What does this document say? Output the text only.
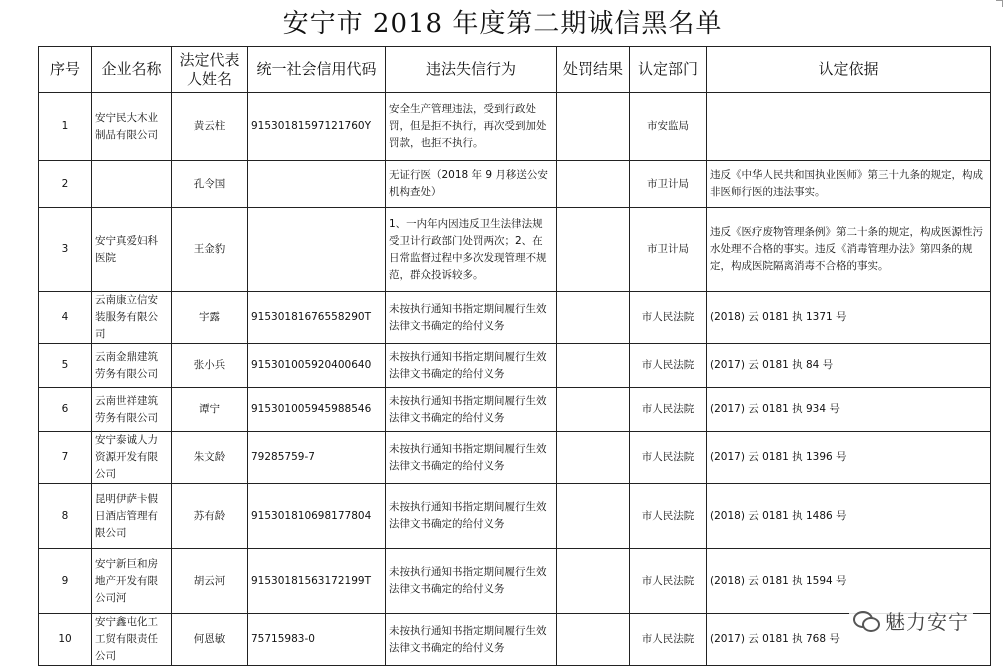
安宁市 2018 年度第二期诚信黑名单
序号	企业名称	法定代表人姓名	统一社会信用代码	违法失信行为	处罚结果	认定部门	认定依据
1	安宁民大木业制品有限公司	黄云柱	91530181597121760Y	安全生产管理违法，受到行政处罚，但是拒不执行，再次受到加处罚款，也拒不执行。		市安监局	
2		孔令国		无证行医（2018 年 9 月移送公安机构查处）		市卫计局	违反《中华人民共和国执业医师》第三十九条的规定，构成非医师行医的违法事实。
3	安宁真爱妇科医院	王金豹		1、一内年内因违反卫生法律法规受卫计行政部门处罚两次；2、在日常监督过程中多次发现管理不规范，群众投诉较多。		市卫计局	违反《医疗废物管理条例》第二十条的规定，构成医源性污水处理不合格的事实。违反《消毒管理办法》第四条的规定，构成医院隔离消毒不合格的事实。
4	云南康立信安装服务有限公司	宇露	91530181676558290T	未按执行通知书指定期间履行生效法律文书确定的给付义务		市人民法院	(2018) 云 0181 执 1371 号
5	云南金鼎建筑劳务有限公司	张小兵	915301005920400640	未按执行通知书指定期间履行生效法律文书确定的给付义务		市人民法院	(2017) 云 0181 执 84 号
6	云南世祥建筑劳务有限公司	谭宁	915301005945988546	未按执行通知书指定期间履行生效法律文书确定的给付义务		市人民法院	(2017) 云 0181 执 934 号
7	安宁泰诚人力资源开发有限公司	朱文龄	79285759-7	未按执行通知书指定期间履行生效法律文书确定的给付义务		市人民法院	(2017) 云 0181 执 1396 号
8	昆明伊萨卡假日酒店管理有限公司	苏有龄	915301810698177804	未按执行通知书指定期间履行生效法律文书确定的给付义务		市人民法院	(2018) 云 0181 执 1486 号
9	安宁新巨和房地产开发有限公司河	胡云河	91530181563172199T	未按执行通知书指定期间履行生效法律文书确定的给付义务		市人民法院	(2018) 云 0181 执 1594 号
10	安宁鑫屯化工工贸有限责任公司	何恩敏	75715983-0	未按执行通知书指定期间履行生效法律文书确定的给付义务		市人民法院	(2017) 云 0181 执 768 号
魅力安宁
